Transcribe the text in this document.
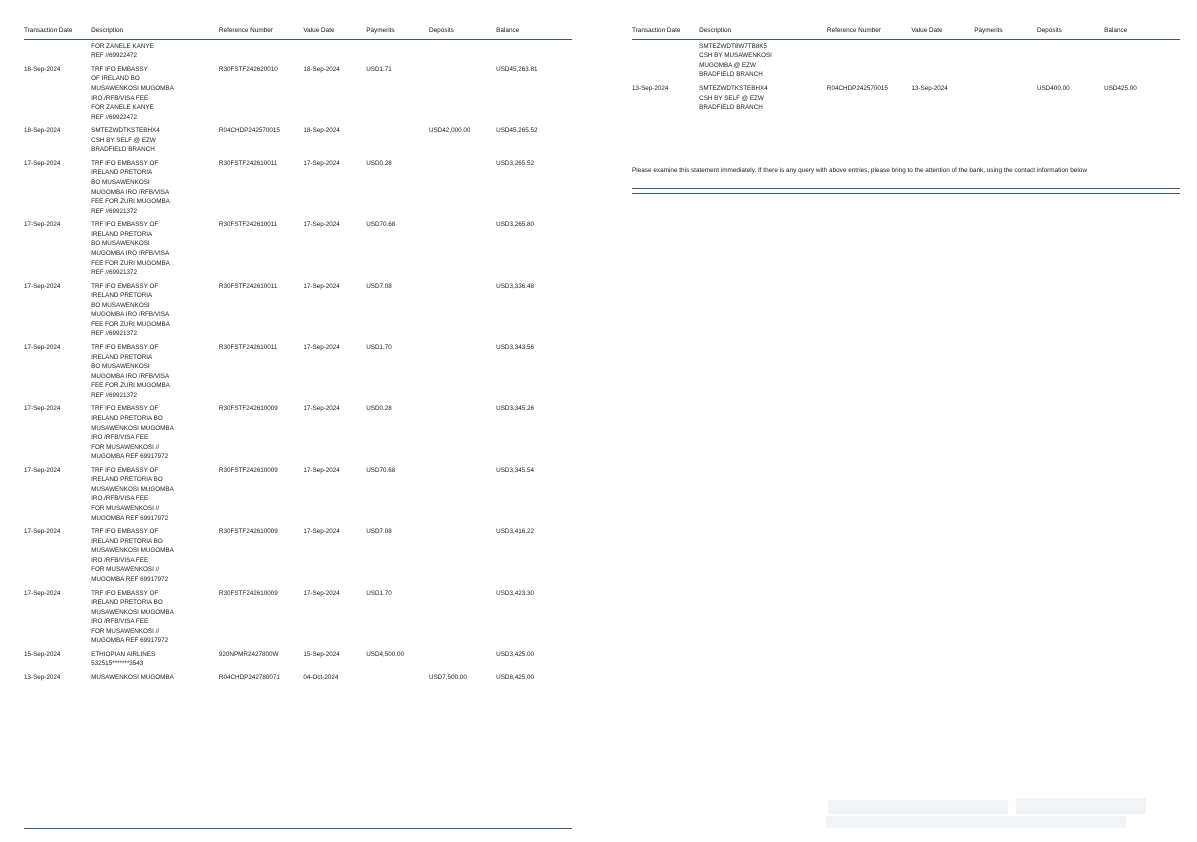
Transaction Date	Description	Reference Number	Value Date	Payments	Deposits	Balance

	FOR ZANELE KANYE
REF //69922472					

18-Sep-2024	TRF IFO EMBASSY
OF IRELAND BO
MUSAWENKOSI MUGOMBA
IRO /RFB/VISA FEE
FOR ZANELE KANYE
REF //69922472
	R30FSTF242620010	18-Sep-2024	USD1.71		USD45,263.81
18-Sep-2024	SMTEZWDTKSTEBHX4
CSH BY SELF @ EZW
BRADFIELD BRANCH	R04CHDP242570015	18-Sep-2024		USD42,000.00	USD45,265.52
17-Sep-2024	TRF IFO EMBASSY OF
IRELAND PRETORIA
BO MUSAWENKOSI
MUGOMBA IRO /RFB/VISA
FEE FOR ZURI MUGOMBA
REF //69921372
	R30FSTF242610011	17-Sep-2024	USD0.28		USD3,265.52
17-Sep-2024	TRF IFO EMBASSY OF
IRELAND PRETORIA
BO MUSAWENKOSI
MUGOMBA IRO /RFB/VISA
FEE FOR ZURI MUGOMBA
REF //69921372
	R30FSTF242610011	17-Sep-2024	USD70.68		USD3,265.80
17-Sep-2024	TRF IFO EMBASSY OF
IRELAND PRETORIA
BO MUSAWENKOSI
MUGOMBA IRO /RFB/VISA
FEE FOR ZURI MUGOMBA
REF //69921372
	R30FSTF242610011	17-Sep-2024	USD7.08		USD3,336.48
17-Sep-2024	TRF IFO EMBASSY OF
IRELAND PRETORIA
BO MUSAWENKOSI
MUGOMBA IRO /RFB/VISA
FEE FOR ZURI MUGOMBA
REF //69921372
	R30FSTF242610011	17-Sep-2024	USD1.70		USD3,343.56
17-Sep-2024	TRF IFO EMBASSY OF
IRELAND PRETORIA BO
MUSAWENKOSI MUGOMBA
IRO /RFB/VISA FEE
FOR MUSAWENKOSI //
MUGOMBA REF 69917972
	R30FSTF242610009	17-Sep-2024	USD0.28		USD3,345.26
17-Sep-2024	TRF IFO EMBASSY OF
IRELAND PRETORIA BO
MUSAWENKOSI MUGOMBA
IRO /RFB/VISA FEE
FOR MUSAWENKOSI //
MUGOMBA REF 69917972
	R30FSTF242610009	17-Sep-2024	USD70.68		USD3,345.54
17-Sep-2024	TRF IFO EMBASSY OF
IRELAND PRETORIA BO
MUSAWENKOSI MUGOMBA
IRO /RFB/VISA FEE
FOR MUSAWENKOSI //
MUGOMBA REF 69917972
	R30FSTF242610009	17-Sep-2024	USD7.08		USD3,416.22
17-Sep-2024	TRF IFO EMBASSY OF
IRELAND PRETORIA BO
MUSAWENKOSI MUGOMBA
IRO /RFB/VISA FEE
FOR MUSAWENKOSI //
MUGOMBA REF 69917972
	R30FSTF242610009	17-Sep-2024	USD1.70		USD3,423.30
15-Sep-2024	ETHIOPIAN AIRLINES
532515*******3543	920NPMR2427800W	15-Sep-2024	USD4,500.00		USD3,425.00
13-Sep-2024	MUSAWENKOSI MUGOMBA	R04CHDP242780071	04-Oct-2024		USD7,500.00	USD8,425.00
Transaction Date	Description	Reference Number	Value Date	Payments	Deposits	Balance

	SMTEZWDT8W7TB8K5
CSH BY MUSAWENKOSI
MUGOMBA @ EZW
BRADFIELD BRANCH					

13-Sep-2024	SMTEZWDTKSTEBHX4
CSH BY SELF @ EZW
BRADFIELD BRANCH	R04CHDP242570015	13-Sep-2024		USD400.00	USD425.00
Please examine this statement immediately. If there is any query with above entries, please bring to the attention of the bank, using the contact information below
